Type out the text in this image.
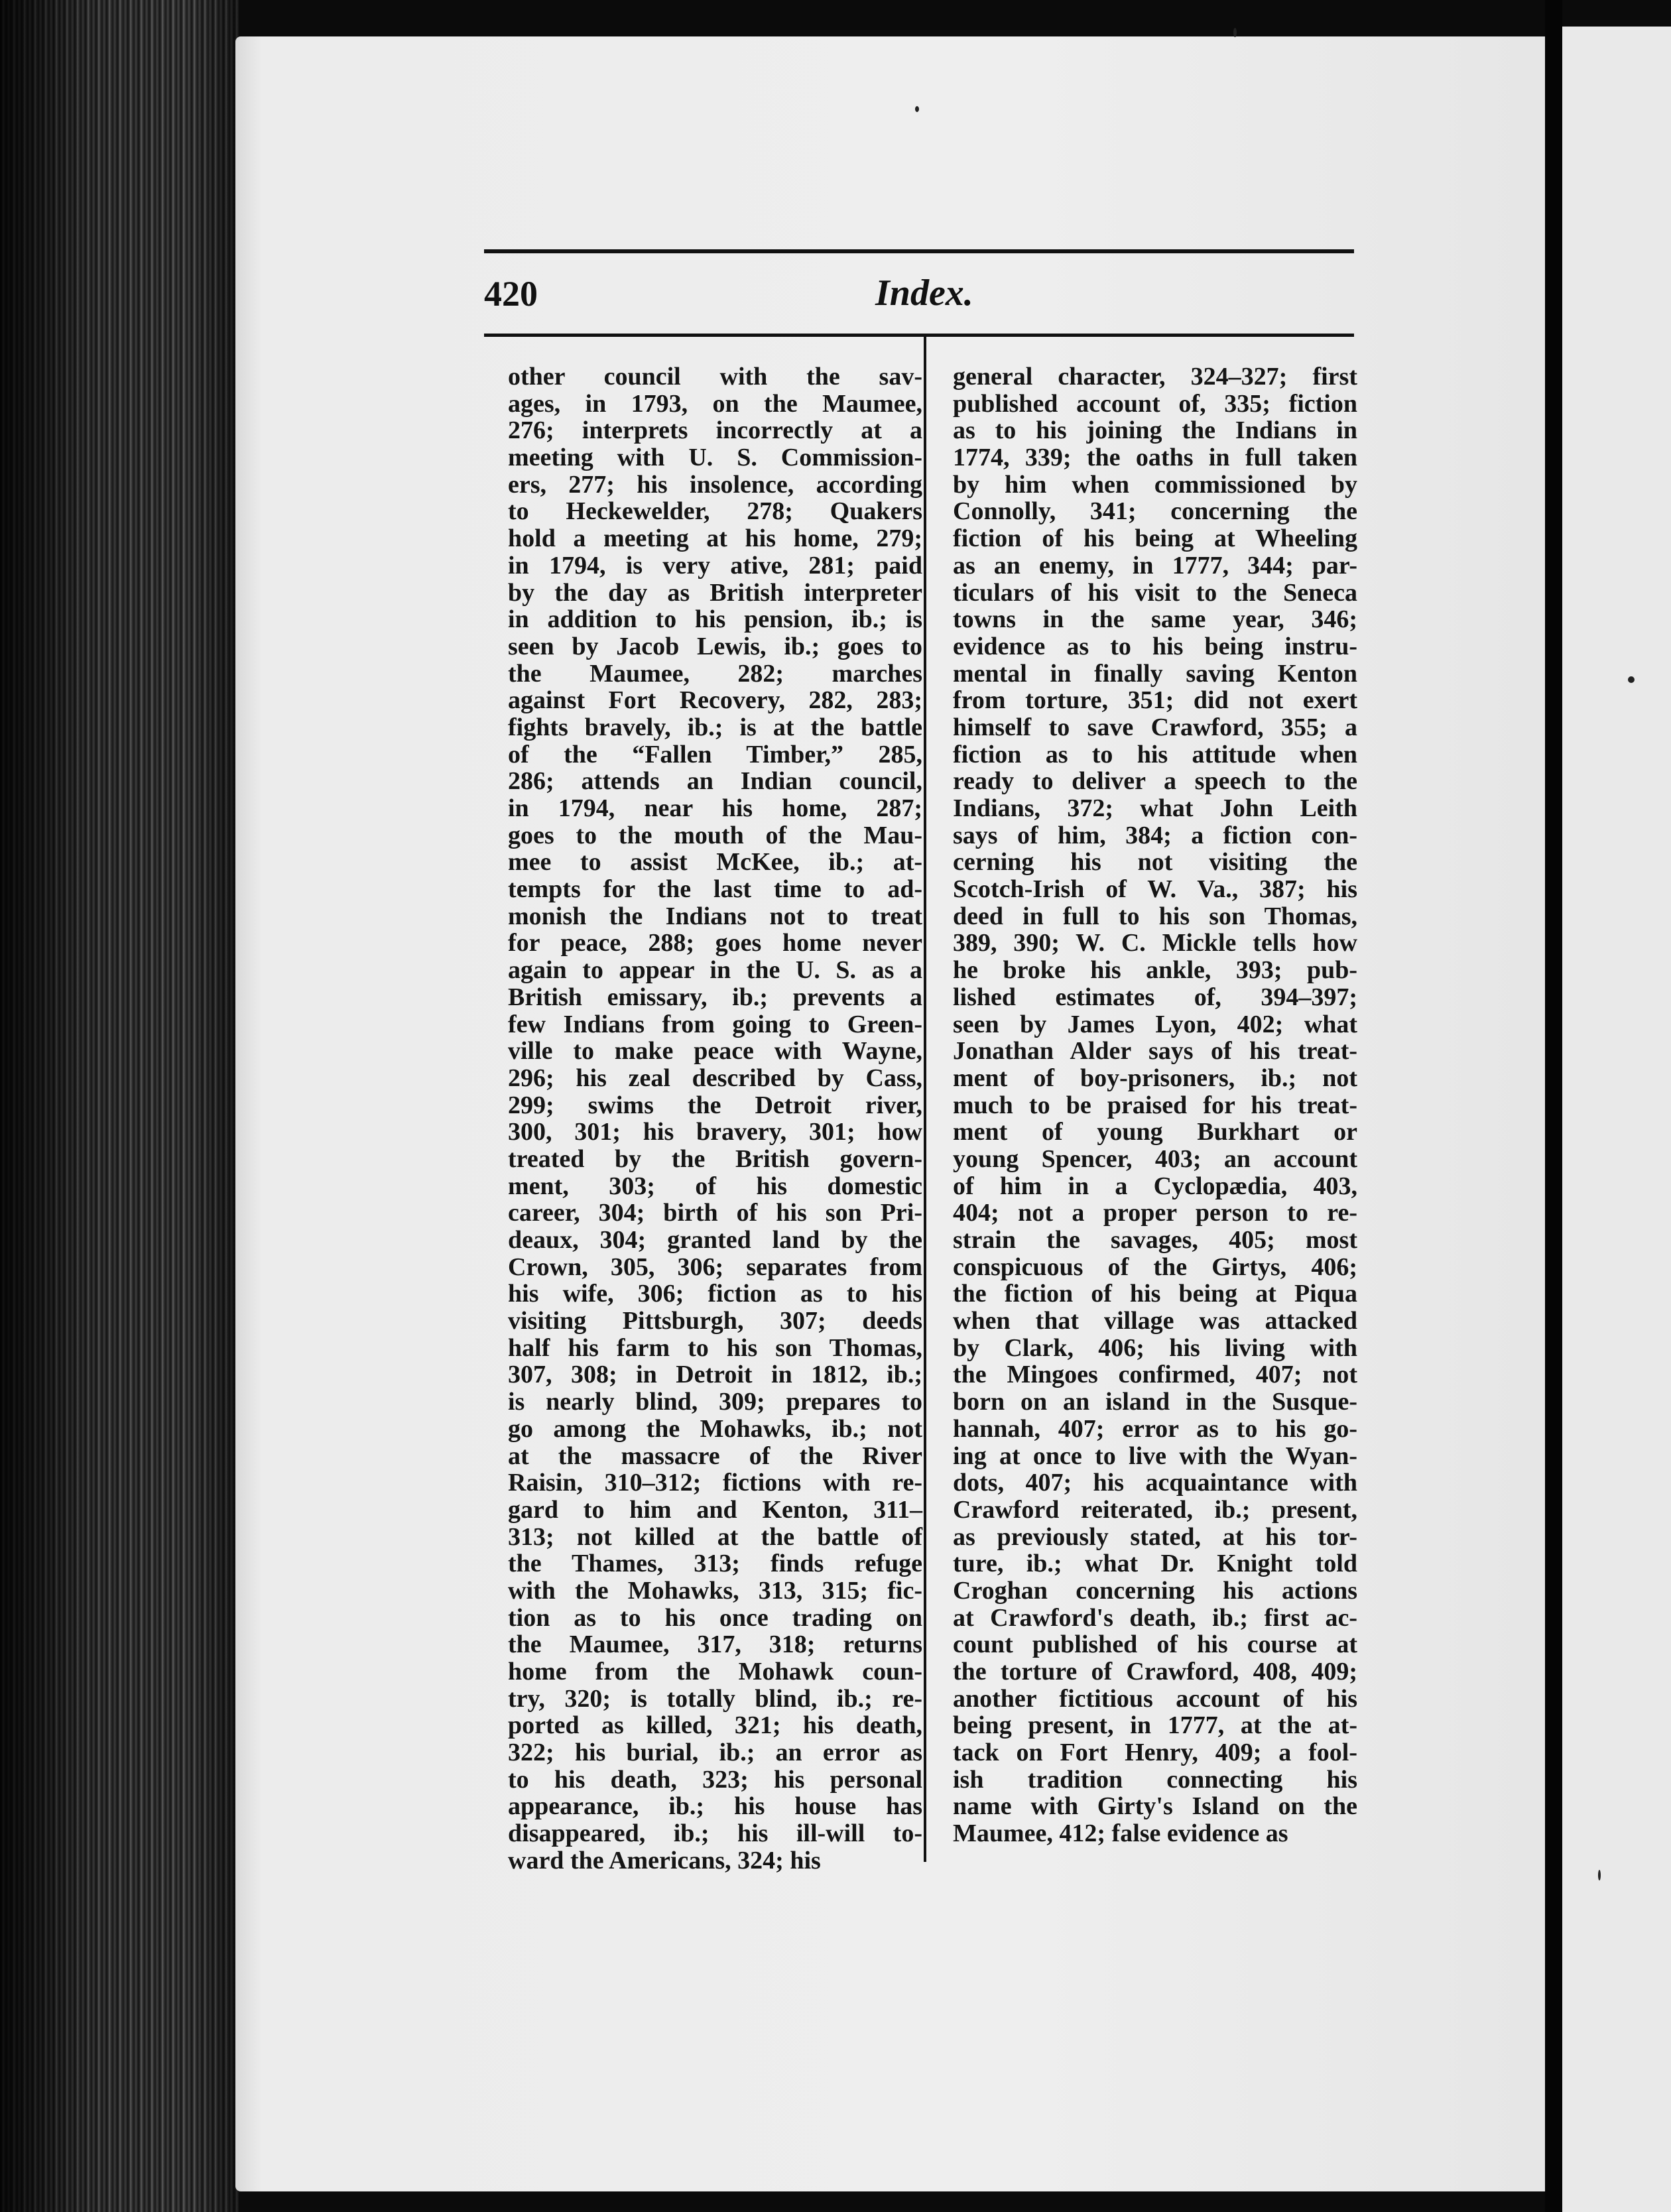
420	Index.
other council with the sav-
ages, in 1793, on the Maumee,
276; interprets incorrectly at a
meeting with U. S. Commission-
ers, 277; his insolence, according
to Heckewelder, 278; Quakers
hold a meeting at his home, 279;
in 1794, is very ative, 281; paid
by the day as British interpreter
in addition to his pension, ib.; is
seen by Jacob Lewis, ib.; goes to
the Maumee, 282; marches
against Fort Recovery, 282, 283;
fights bravely, ib.; is at the battle
of the “Fallen Timber,” 285,
286; attends an Indian council,
in 1794, near his home, 287;
goes to the mouth of the Mau-
mee to assist McKee, ib.; at-
tempts for the last time to ad-
monish the Indians not to treat
for peace, 288; goes home never
again to appear in the U. S. as a
British emissary, ib.; prevents a
few Indians from going to Green-
ville to make peace with Wayne,
296; his zeal described by Cass,
299; swims the Detroit river,
300, 301; his bravery, 301; how
treated by the British govern-
ment, 303; of his domestic
career, 304; birth of his son Pri-
deaux, 304; granted land by the
Crown, 305, 306; separates from
his wife, 306; fiction as to his
visiting Pittsburgh, 307; deeds
half his farm to his son Thomas,
307, 308; in Detroit in 1812, ib.;
is nearly blind, 309; prepares to
go among the Mohawks, ib.; not
at the massacre of the River
Raisin, 310–312; fictions with re-
gard to him and Kenton, 311–
313; not killed at the battle of
the Thames, 313; finds refuge
with the Mohawks, 313, 315; fic-
tion as to his once trading on
the Maumee, 317, 318; returns
home from the Mohawk coun-
try, 320; is totally blind, ib.; re-
ported as killed, 321; his death,
322; his burial, ib.; an error as
to his death, 323; his personal
appearance, ib.; his house has
disappeared, ib.; his ill-will to-
ward the Americans, 324; his
general character, 324–327; first
published account of, 335; fiction
as to his joining the Indians in
1774, 339; the oaths in full taken
by him when commissioned by
Connolly, 341; concerning the
fiction of his being at Wheeling
as an enemy, in 1777, 344; par-
ticulars of his visit to the Seneca
towns in the same year, 346;
evidence as to his being instru-
mental in finally saving Kenton
from torture, 351; did not exert
himself to save Crawford, 355; a
fiction as to his attitude when
ready to deliver a speech to the
Indians, 372; what John Leith
says of him, 384; a fiction con-
cerning his not visiting the
Scotch-Irish of W. Va., 387; his
deed in full to his son Thomas,
389, 390; W. C. Mickle tells how
he broke his ankle, 393; pub-
lished estimates of, 394–397;
seen by James Lyon, 402; what
Jonathan Alder says of his treat-
ment of boy-prisoners, ib.; not
much to be praised for his treat-
ment of young Burkhart or
young Spencer, 403; an account
of him in a Cyclopædia, 403,
404; not a proper person to re-
strain the savages, 405; most
conspicuous of the Girtys, 406;
the fiction of his being at Piqua
when that village was attacked
by Clark, 406; his living with
the Mingoes confirmed, 407; not
born on an island in the Susque-
hannah, 407; error as to his go-
ing at once to live with the Wyan-
dots, 407; his acquaintance with
Crawford reiterated, ib.; present,
as previously stated, at his tor-
ture, ib.; what Dr. Knight told
Croghan concerning his actions
at Crawford's death, ib.; first ac-
count published of his course at
the torture of Crawford, 408, 409;
another fictitious account of his
being present, in 1777, at the at-
tack on Fort Henry, 409; a fool-
ish tradition connecting his
name with Girty's Island on the
Maumee, 412; false evidence as
